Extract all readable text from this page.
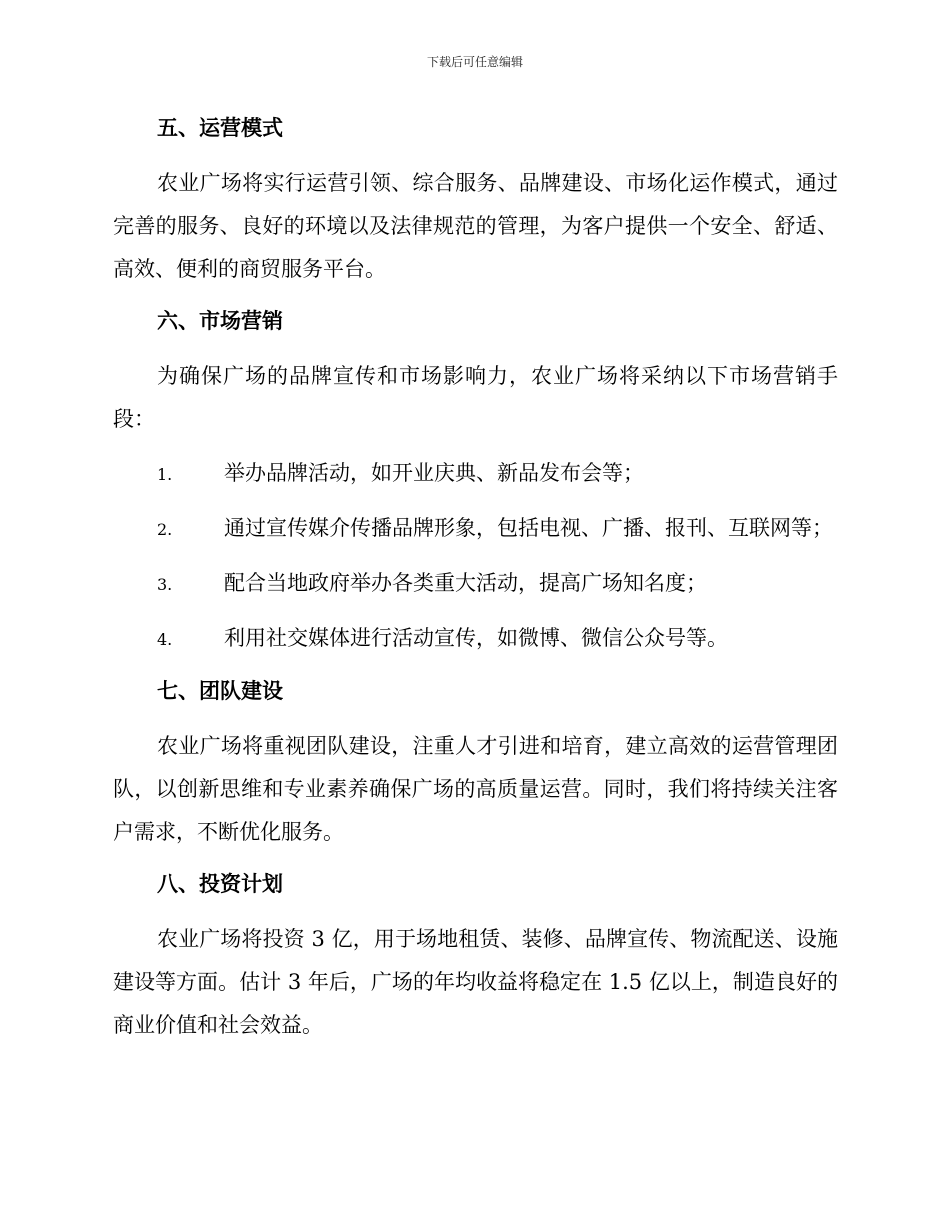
下载后可任意编辑
五、运营模式

农业广场将实行运营引领、综合服务、品牌建设、市场化运作模式，通过完善的服务、良好的环境以及法律规范的管理，为客户提供一个安全、舒适、高效、便利的商贸服务平台。

六、市场营销

为确保广场的品牌宣传和市场影响力，农业广场将采纳以下市场营销手段：

1. 举办品牌活动，如开业庆典、新品发布会等；
2. 通过宣传媒介传播品牌形象，包括电视、广播、报刊、互联网等；
3. 配合当地政府举办各类重大活动，提高广场知名度；
4. 利用社交媒体进行活动宣传，如微博、微信公众号等。
七、团队建设

农业广场将重视团队建设，注重人才引进和培育，建立高效的运营管理团队，以创新思维和专业素养确保广场的高质量运营。同时，我们将持续关注客户需求，不断优化服务。

八、投资计划

农业广场将投资 3 亿，用于场地租赁、装修、品牌宣传、物流配送、设施建设等方面。估计 3 年后，广场的年均收益将稳定在 1.5 亿以上，制造良好的商业价值和社会效益。
